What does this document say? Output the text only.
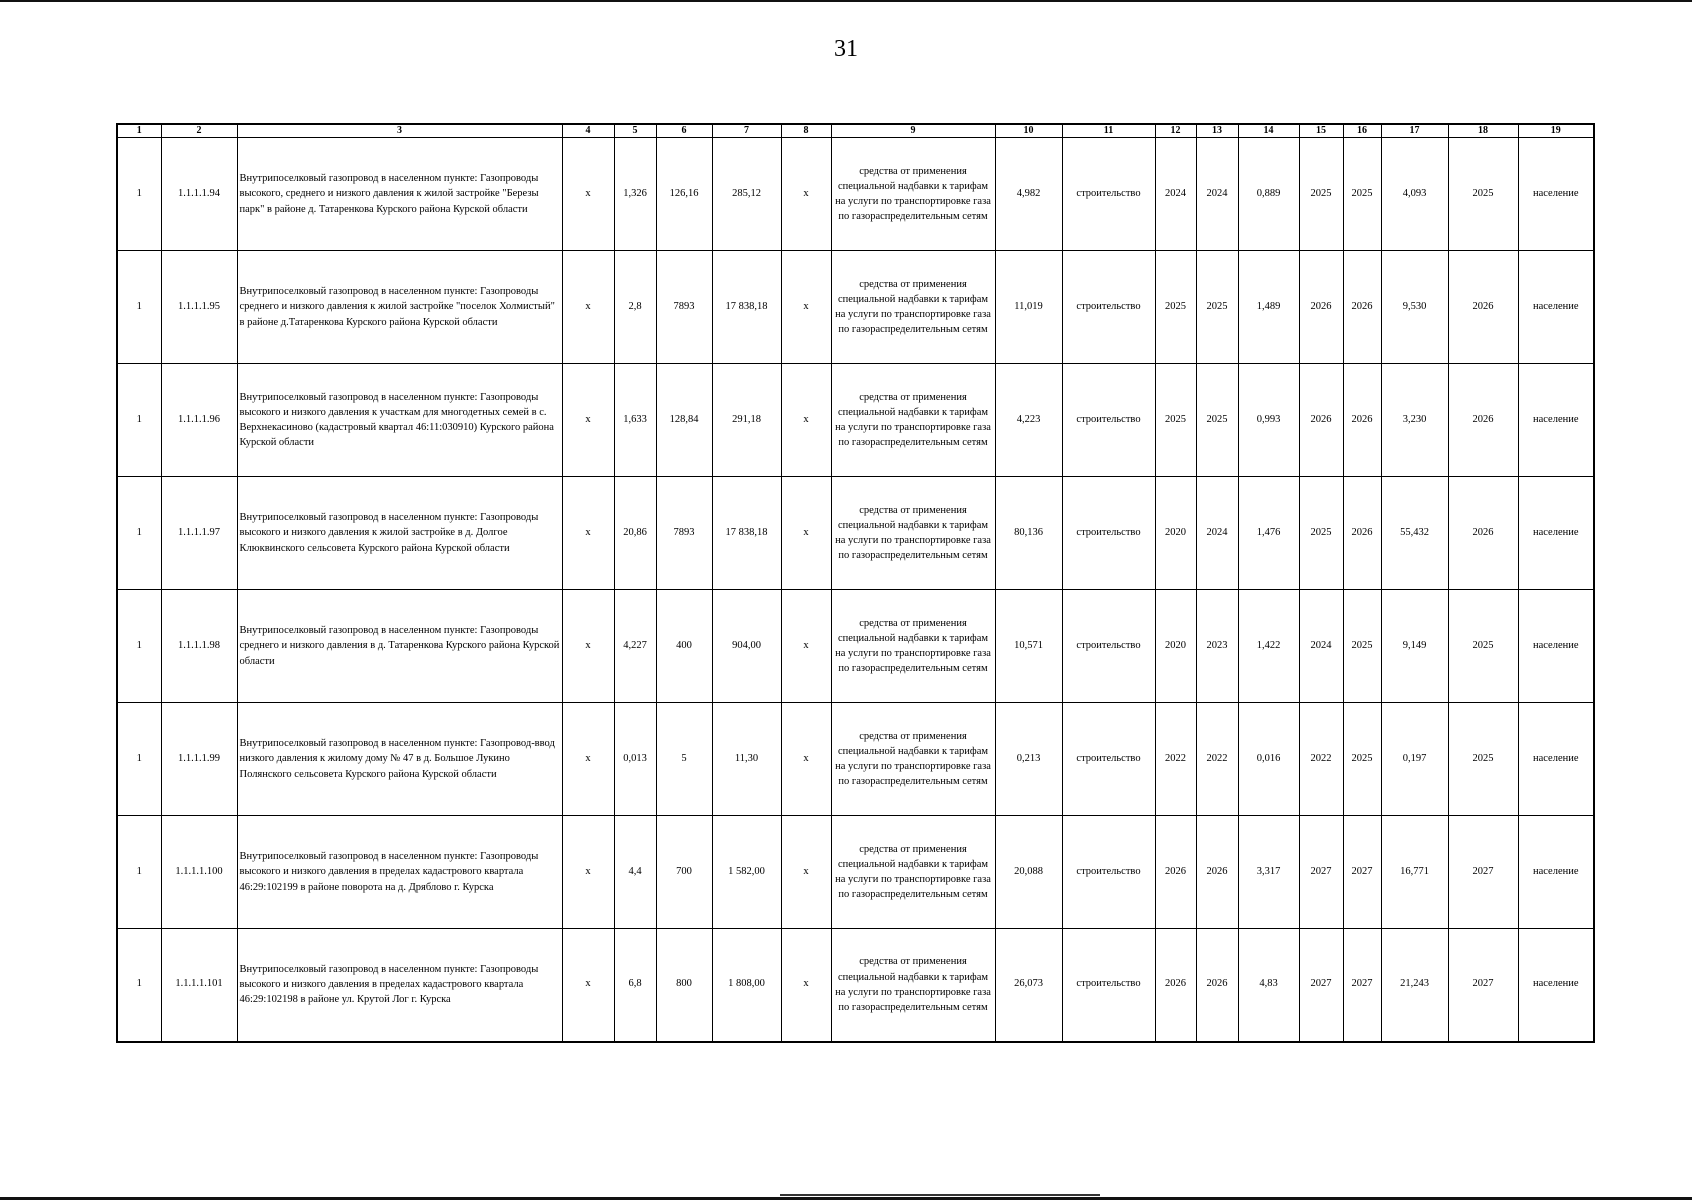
31
1	2	3	4	5	6	7	8	9	10	11	12	13	14	15	16	17	18	19
1	1.1.1.1.94	Внутрипоселковый газопровод в населенном пункте: Газопроводы высокого, среднего и низкого давления к жилой застройке "Березы парк" в районе д. Татаренкова Курского района Курской области	х	1,326	126,16	285,12	х	средства от применения специальной надбавки к тарифам на услуги по транспортировке газа по газораспределительным сетям	4,982	строительство	2024	2024	0,889	2025	2025	4,093	2025	население
1	1.1.1.1.95	Внутрипоселковый газопровод в населенном пункте: Газопроводы среднего и низкого давления к жилой застройке "поселок Холмистый" в районе д.Татаренкова Курского района Курской области	х	2,8	7893	17 838,18	х	средства от применения специальной надбавки к тарифам на услуги по транспортировке газа по газораспределительным сетям	11,019	строительство	2025	2025	1,489	2026	2026	9,530	2026	население
1	1.1.1.1.96	Внутрипоселковый газопровод в населенном пункте: Газопроводы высокого и низкого давления к участкам для многодетных семей в с. Верхнекасиново (кадастровый квартал 46:11:030910) Курского района Курской области	х	1,633	128,84	291,18	х	средства от применения специальной надбавки к тарифам на услуги по транспортировке газа по газораспределительным сетям	4,223	строительство	2025	2025	0,993	2026	2026	3,230	2026	население
1	1.1.1.1.97	Внутрипоселковый газопровод в населенном пункте: Газопроводы высокого и низкого давления к жилой застройке в д. Долгое Клюквинского сельсовета Курского района Курской области	х	20,86	7893	17 838,18	х	средства от применения специальной надбавки к тарифам на услуги по транспортировке газа по газораспределительным сетям	80,136	строительство	2020	2024	1,476	2025	2026	55,432	2026	население
1	1.1.1.1.98	Внутрипоселковый газопровод в населенном пункте: Газопроводы среднего и низкого давления в д. Татаренкова Курского района Курской области	х	4,227	400	904,00	х	средства от применения специальной надбавки к тарифам на услуги по транспортировке газа по газораспределительным сетям	10,571	строительство	2020	2023	1,422	2024	2025	9,149	2025	население
1	1.1.1.1.99	Внутрипоселковый газопровод в населенном пункте: Газопровод-ввод низкого давления к жилому дому № 47 в д. Большое Лукино Полянского сельсовета Курского района Курской области	х	0,013	5	11,30	х	средства от применения специальной надбавки к тарифам на услуги по транспортировке газа по газораспределительным сетям	0,213	строительство	2022	2022	0,016	2022	2025	0,197	2025	население
1	1.1.1.1.100	Внутрипоселковый газопровод в населенном пункте: Газопроводы высокого и низкого давления в пределах кадастрового квартала 46:29:102199 в районе поворота на д. Дряблово г. Курска	х	4,4	700	1 582,00	х	средства от применения специальной надбавки к тарифам на услуги по транспортировке газа по газораспределительным сетям	20,088	строительство	2026	2026	3,317	2027	2027	16,771	2027	население
1	1.1.1.1.101	Внутрипоселковый газопровод в населенном пункте: Газопроводы высокого и низкого давления в пределах кадастрового квартала 46:29:102198 в районе ул. Крутой Лог г. Курска	х	6,8	800	1 808,00	х	средства от применения специальной надбавки к тарифам на услуги по транспортировке газа по газораспределительным сетям	26,073	строительство	2026	2026	4,83	2027	2027	21,243	2027	население
